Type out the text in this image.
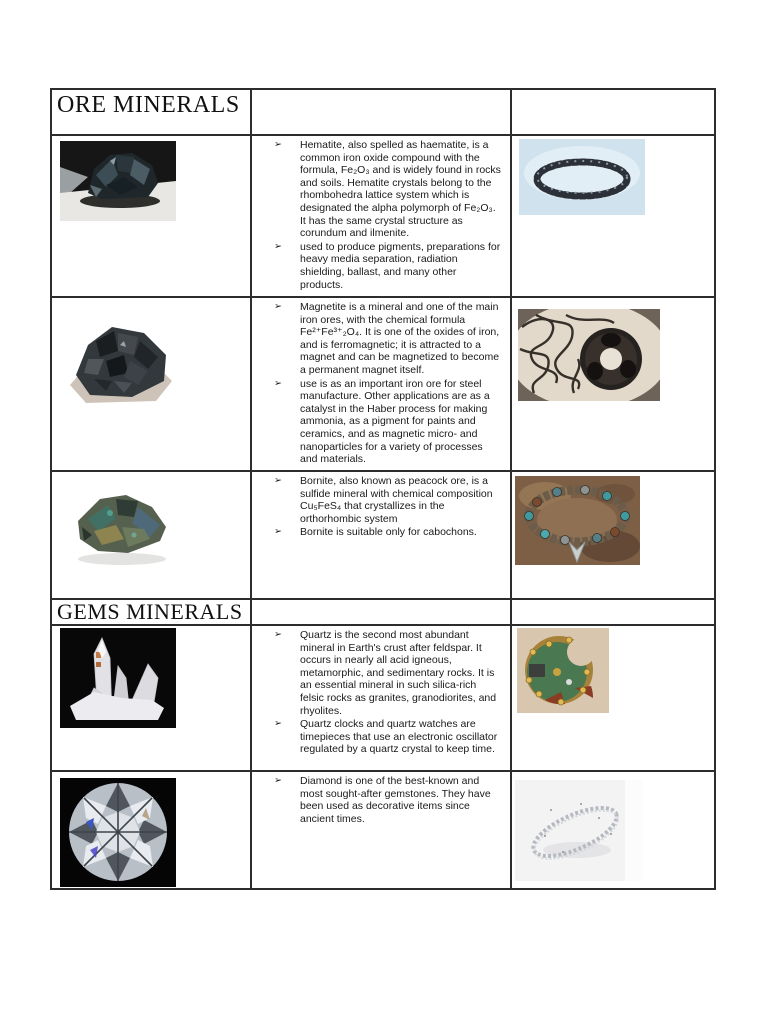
ORE MINERALS		

➢ Hematite, also spelled as haematite, is a common iron oxide compound with the formula, Fe₂O₃ and is widely found in rocks and soils. Hematite crystals belong to the rhombohedra lattice system which is designated the alpha polymorph of Fe₂O₃. It has the same crystal structure as corundum and ilmenite.
➢ used to produce pigments, preparations for heavy media separation, radiation shielding, ballast, and many other products.

➢ Magnetite is a mineral and one of the main iron ores, with the chemical formula Fe²⁺Fe³⁺₂O₄. It is one of the oxides of iron, and is ferromagnetic; it is attracted to a magnet and can be magnetized to become a permanent magnet itself.
➢ use is as an important iron ore for steel manufacture. Other applications are as a catalyst in the Haber process for making ammonia, as a pigment for paints and ceramics, and as magnetic micro- and nanoparticles for a variety of processes and materials.

➢ Bornite, also known as peacock ore, is a sulfide mineral with chemical composition Cu₅FeS₄ that crystallizes in the orthorhombic system
➢ Bornite is suitable only for cabochons.

GEMS MINERALS		

➢ Quartz is the second most abundant mineral in Earth's crust after feldspar. It occurs in nearly all acid igneous, metamorphic, and sedimentary rocks. It is an essential mineral in such silica-rich felsic rocks as granites, granodiorites, and rhyolites.
➢ Quartz clocks and quartz watches are timepieces that use an electronic oscillator regulated by a quartz crystal to keep time.

➢ Diamond is one of the best-known and most sought-after gemstones. They have been used as decorative items since ancient times.
